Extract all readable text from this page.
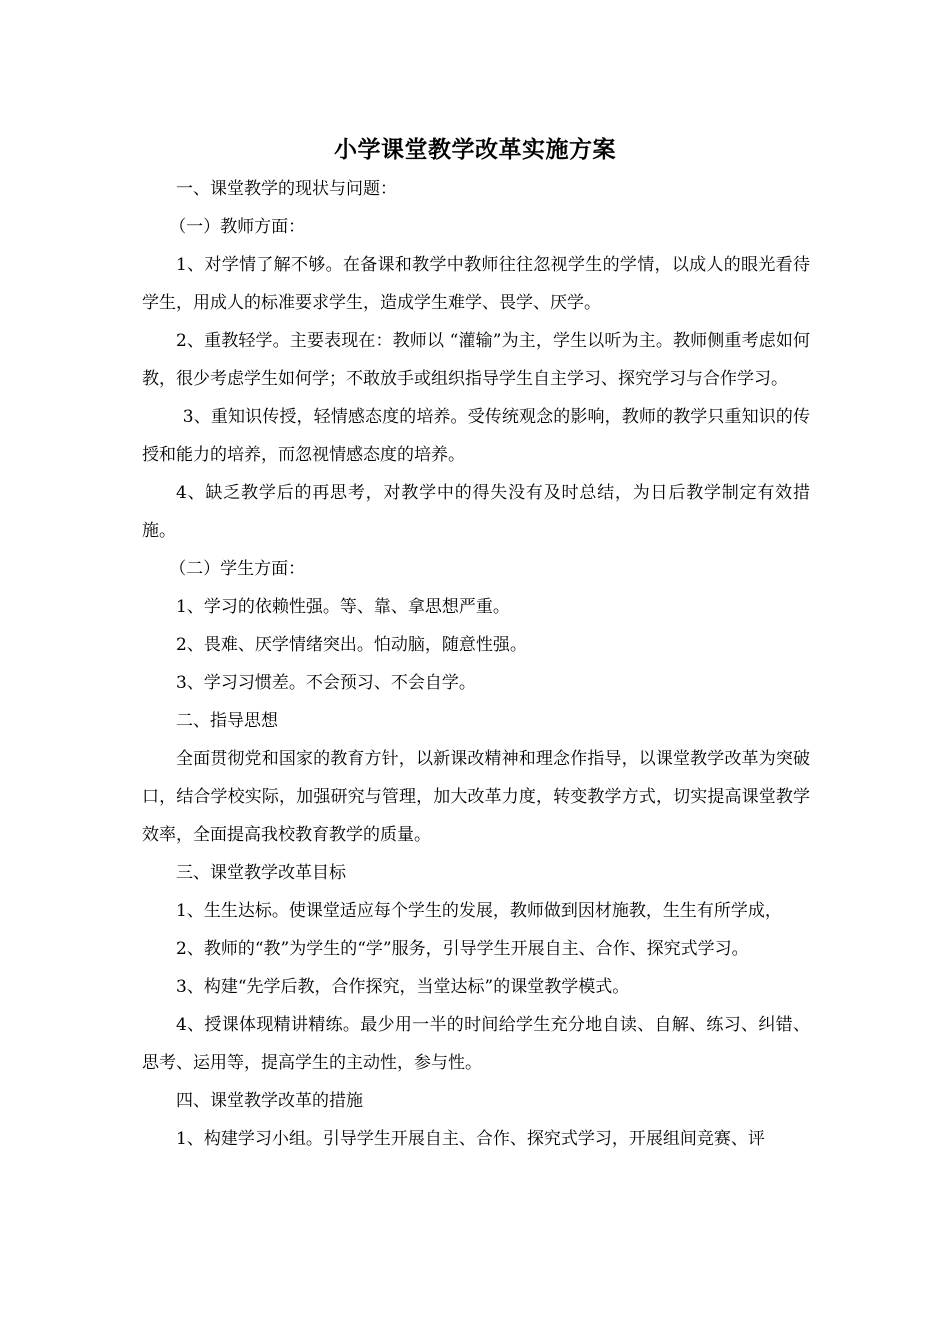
小学课堂教学改革实施方案

一、课堂教学的现状与问题：

（一）教师方面：

1、对学情了解不够。在备课和教学中教师往往忽视学生的学情，以成人的眼光看待学生，用成人的标准要求学生，造成学生难学、畏学、厌学。

2、重教轻学。主要表现在：教师以 “灌输”为主，学生以听为主。教师侧重考虑如何教，很少考虑学生如何学；不敢放手或组织指导学生自主学习、探究学习与合作学习。

3、重知识传授，轻情感态度的培养。受传统观念的影响，教师的教学只重知识的传授和能力的培养，而忽视情感态度的培养。

4、缺乏教学后的再思考，对教学中的得失没有及时总结，为日后教学制定有效措施。

（二）学生方面：

1、学习的依赖性强。等、靠、拿思想严重。

2、畏难、厌学情绪突出。怕动脑，随意性强。

3、学习习惯差。不会预习、不会自学。

二、指导思想

全面贯彻党和国家的教育方针，以新课改精神和理念作指导，以课堂教学改革为突破口，结合学校实际，加强研究与管理，加大改革力度，转变教学方式，切实提高课堂教学效率，全面提高我校教育教学的质量。

三、课堂教学改革目标

1、生生达标。使课堂适应每个学生的发展，教师做到因材施教，生生有所学成，

2、教师的“教”为学生的“学”服务，引导学生开展自主、合作、探究式学习。

3、构建“先学后教，合作探究，当堂达标”的课堂教学模式。

4、授课体现精讲精练。最少用一半的时间给学生充分地自读、自解、练习、纠错、思考、运用等，提高学生的主动性，参与性。

四、课堂教学改革的措施

1、构建学习小组。引导学生开展自主、合作、探究式学习，开展组间竞赛、评
